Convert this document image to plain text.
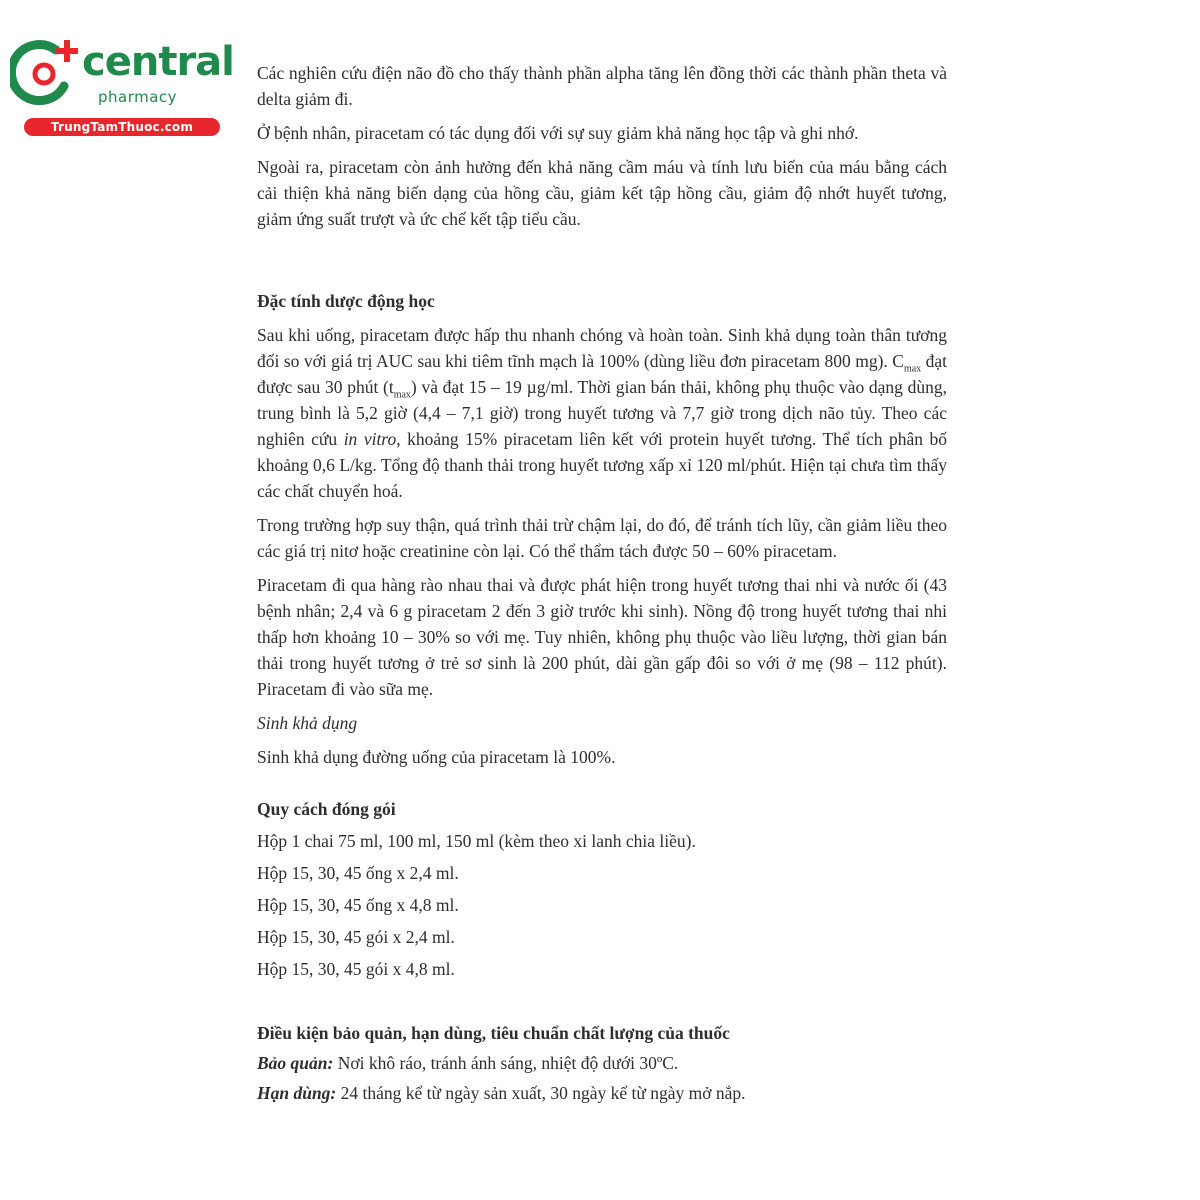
central
pharmacy
TrungTamThuoc.com

Các nghiên cứu điện não đồ cho thấy thành phần alpha tăng lên đồng thời các thành phần theta và delta giảm đi.

Ở bệnh nhân, piracetam có tác dụng đối với sự suy giảm khả năng học tập và ghi nhớ.

Ngoài ra, piracetam còn ảnh hưởng đến khả năng cầm máu và tính lưu biến của máu bằng cách cải thiện khả năng biến dạng của hồng cầu, giảm kết tập hồng cầu, giảm độ nhớt huyết tương, giảm ứng suất trượt và ức chế kết tập tiểu cầu.

Đặc tính dược động học

Sau khi uống, piracetam được hấp thu nhanh chóng và hoàn toàn. Sinh khả dụng toàn thân tương đối so với giá trị AUC sau khi tiêm tĩnh mạch là 100% (dùng liều đơn piracetam 800 mg). $C_{max}$ đạt được sau 30 phút $(t_{max})$ và đạt 15 – 19 µg/ml. Thời gian bán thải, không phụ thuộc vào dạng dùng, trung bình là 5,2 giờ (4,4 – 7,1 giờ) trong huyết tương và 7,7 giờ trong dịch não tủy. Theo các nghiên cứu in vitro, khoảng 15% piracetam liên kết với protein huyết tương. Thể tích phân bố khoảng 0,6 L/kg. Tổng độ thanh thải trong huyết tương xấp xỉ 120 ml/phút. Hiện tại chưa tìm thấy các chất chuyển hoá.

Trong trường hợp suy thận, quá trình thải trừ chậm lại, do đó, để tránh tích lũy, cần giảm liều theo các giá trị nitơ hoặc creatinine còn lại. Có thể thẩm tách được 50 – 60% piracetam.

Piracetam đi qua hàng rào nhau thai và được phát hiện trong huyết tương thai nhi và nước ối (43 bệnh nhân; 2,4 và 6 g piracetam 2 đến 3 giờ trước khi sinh). Nồng độ trong huyết tương thai nhi thấp hơn khoảng 10 – 30% so với mẹ. Tuy nhiên, không phụ thuộc vào liều lượng, thời gian bán thải trong huyết tương ở trẻ sơ sinh là 200 phút, dài gần gấp đôi so với ở mẹ (98 – 112 phút). Piracetam đi vào sữa mẹ.

Sinh khả dụng

Sinh khả dụng đường uống của piracetam là 100%.

Quy cách đóng gói

Hộp 1 chai 75 ml, 100 ml, 150 ml (kèm theo xi lanh chia liều).

Hộp 15, 30, 45 ống x 2,4 ml.

Hộp 15, 30, 45 ống x 4,8 ml.

Hộp 15, 30, 45 gói x 2,4 ml.

Hộp 15, 30, 45 gói x 4,8 ml.

Điều kiện bảo quản, hạn dùng, tiêu chuẩn chất lượng của thuốc

Bảo quản: Nơi khô ráo, tránh ánh sáng, nhiệt độ dưới 30ºC.

Hạn dùng: 24 tháng kể từ ngày sản xuất, 30 ngày kể từ ngày mở nắp.
